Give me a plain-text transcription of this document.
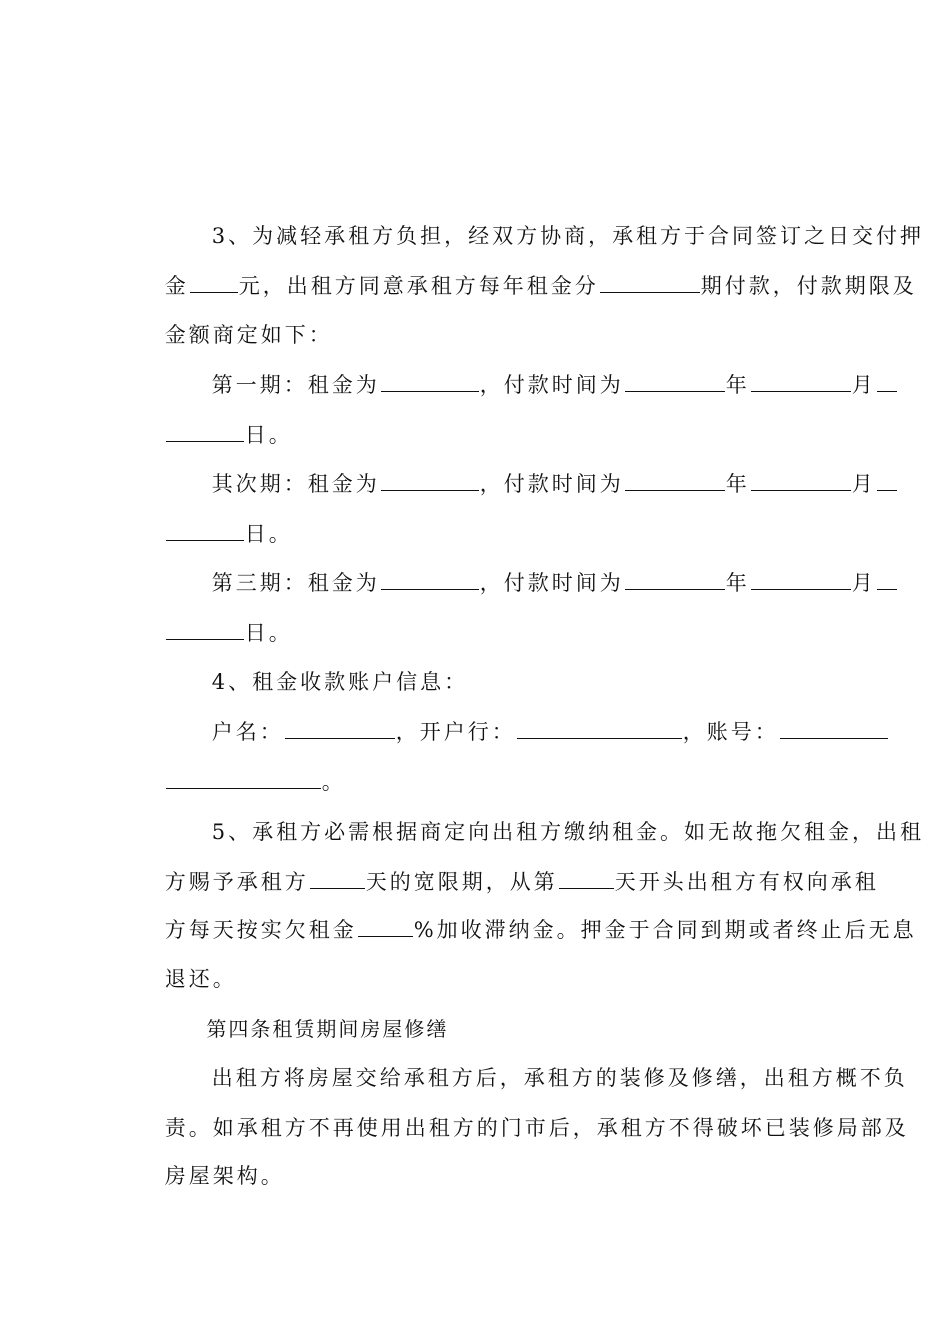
3、为减轻承租方负担，经双方协商，承租方于合同签订之日交付押

金 元，出租方同意承租方每年租金分	期付款，付款期限及

金额商定如下：

第一期：租金为	，付款时间为	年	月

日。

其次期：租金为	，付款时间为	年	月

日。

第三期：租金为	，付款时间为	年	月

日。

4、租金收款账户信息：

户名：	，开户行：	，账号：

。

5、承租方必需根据商定向出租方缴纳租金。如无故拖欠租金，出租

方赐予承租方	天的宽限期，从第	天开头出租方有权向承租

方每天按实欠租金	%加收滞纳金。押金于合同到期或者终止后无息

退还。

第四条租赁期间房屋修缮

出租方将房屋交给承租方后，承租方的装修及修缮，出租方概不负

责。如承租方不再使用出租方的门市后，承租方不得破坏已装修局部及

房屋架构。
